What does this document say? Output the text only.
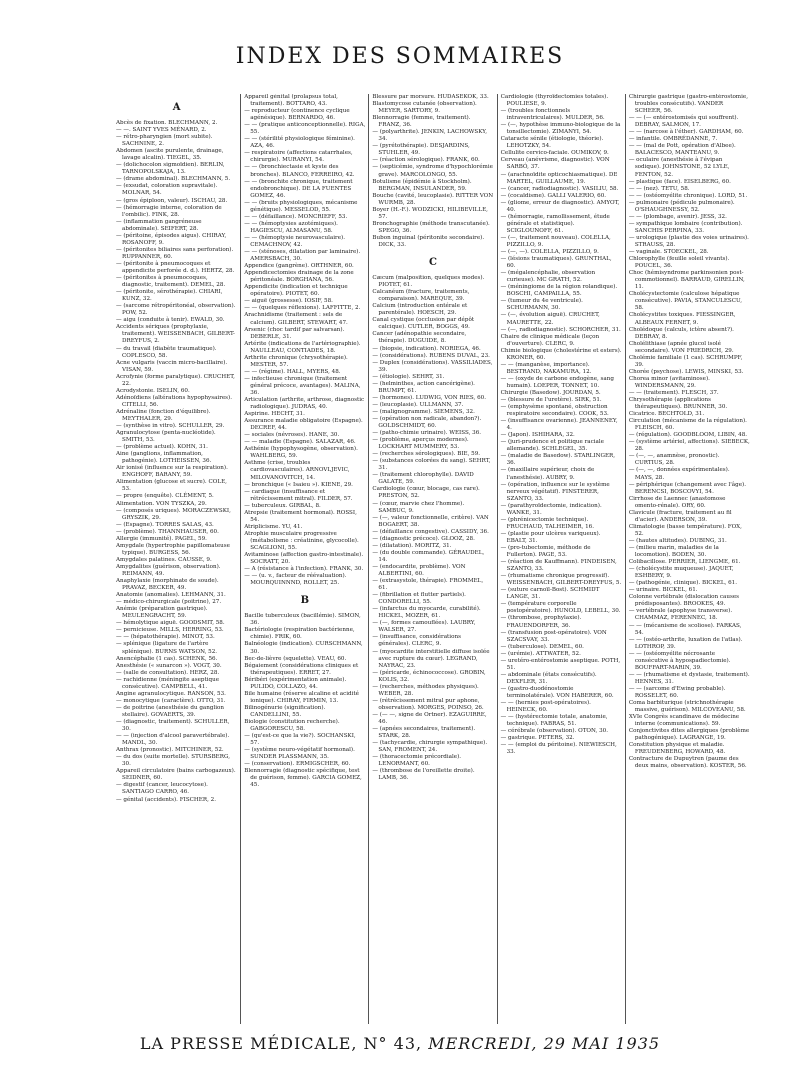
INDEX DES SOMMAIRES
A
Abcès de fixation. BLECHMANN, 2.
— —. SAINT YVES MÉNARD, 2.
— rétro-pharyngien (mort subite). SACHNINE, 2.
Abdomen (ascite purulente, drainage, lavage alcalin). TIEGEL, 35.
— (dolichocolon sigmoïdien). BERLIN, TARNOPOLSKAJA, 13.
— (drame abdominal). BLECHMANN, 5.
— (exsudat, coloration supravitale). MOLNAR, 54.
— (gros épiploon, valeur). ISCHAU, 28.
— (hémorragie interne, coloration de l'ombilic). FINK, 28.
— (inflammation gangréneuse abdominale). SEIFERT, 28.
— (péritoine, épisodes aigus). CHIRAY, ROSANOFF, 9.
— (péritonites biliaires sans perforation). RUPPANNER, 60.
— (péritonite à pneumocoques et appendicite perforée d. d.). HERTZ, 28.
— (péritonites à pneumocoques, diagnostic, traitement). DEMEL, 28.
— (péritonite, sérothérapie). CHIARI, KUNZ, 32.
— (sarcome rétropéritonéal, observation). POW, 52.
— aigu (conduite à tenir). EWALD, 30.
Accidents sériques (prophylaxie, traitement). WEISSENBACH, GILBERT-DREYFUS, 2.
— du travail (diabète traumatique). COPLESCO, 58.
Acne vulgaris (vaccin micro-bacillaire). VISAN, 59.
Acrofynie (forme paralytique). CRUCHET, 22.
Acrodystonie. ISELIN, 60.
Adénoïdiens (altérations hypophysaires). CITELLI, 56.
Adrénaline (fonction d'équilibre). MEYTHALER, 29.
— (synthèse in vitro). SCHULLER, 29.
Agranulocytose (penta-nucléotide). SMITH, 53.
— (problème actuel). KOHN, 31.
Aine (ganglions, inflammation, pathogénie). LOTHEISSEN, 36.
Air ionisé (influence sur la respiration). ENGHOFF, BARANY, 59.
Alimentation (glucose et sucre). COLE, 53.
— propre (enquête). CLÉMENT, 5.
Alimentation. VON TYSZKA, 29.
— (composés uriques). MORACZEWSKI, GRYSZIK, 29.
— (Espagne). TORRES SALAS, 43.
— (problème). THANNHAUSER, 60.
Allergie (immunité). PAGEL, 59.
Amygdale (hypertrophie papillomateuse typique). BURGESS, 56.
Amygdales palatines. CAUSSE, 9.
Amygdalites (guérison, observation). REIMANN, 49.
Anaphylaxie (morphinate de soude). PRAVAZ, BECKER, 49.
Anatomie (anomalies). LEHMANN, 31.
— médico-chirurgicale (poitrine), 27.
Anémie (préparation gastrique). MEULENGRACHT, 59.
— hémolytique aiguë. GOODSMIT, 58.
— pernicieuse. MILLS, HERRING, 53.
— — (hépatothérapie). MINOT, 53.
— splénique (ligature de l'artère splénique). BURNS WATSON, 52.
Anencéphalie (1 cas). SCHENK, 56.
Anesthésie (« sunarcon »). VOGT, 30.
— (salle de consultation). HERZ, 28.
— rachidienne (méningite aseptique consécutive). CAMPBELL, 41.
Angine agranulocytique. RANSON, 53.
— monocytique (caractère). OTTO, 31.
— de poitrine (anesthésie du ganglion stellaire). GOVAERTS, 39.
— (diagnostic, traitement). SCHULLER, 30.
— — (injection d'alcool paravertébrale). MANDL, 30.
Anthrax (pronostic). MITCHINER, 52.
— du dos (suite mortelle). STURSBERG, 30.
Appareil circulatoire (bains carbogazeux). SEIDNER, 60.
— digestif (cancer, leucocytose). SANTIAGO CARRO, 46.
— génital (accidents). FISCHER, 2.
Appareil génital (prolapsus total, traitement). BOTTARO, 43.
— reproducteur (continence cyclique agénésique). BERNARDO, 46.
— — (pratique anticonceptionnelle). RIGA, 55.
— — (stérilité physiologique féminine). AZA, 46.
— respiratoire (affections catarrhales, chirurgie). MURANYI, 54.
— — (bronchiectasie et kyste des bronches). BLANCO, FERREIRO, 42.
— — (bronchite chronique, traitement endobronchique). DE LA FUENTES GOMEZ, 46.
— — (bruits physiologiques, mécanisme génétique). MESSELOD, 55.
— — (défaillance). MONCRIEFF, 53.
— — (hémoptysies azotémiques). HAGIESCU, ALMASANU, 58.
— — (hémoptysie neurovasculaire). CEMACHNOV, 42.
— — (sténoses, dilatation par laminaire). AMERSBACH, 30.
Appendice (gangrène). ORTHNER, 60.
Appendicectomies drainage de la zone péritonéale. BORGHANA, 56.
Appendicite (indication et technique opératoire). PIOTET, 60.
— aiguë (grossesse). IOSIF, 58.
— — (quelques réflexions). LAFFITTE, 2.
Arachnidisme (traitement : sels de calcium). GILBERT, STEWART, 47.
Arsenic (choc tardif par salvarsan). DEBERLE, 31.
Artérite (indications de l'artériographie). NAULLEAU, CONTIADES, 18.
Arthrite chronique (chrysothérapie). MESTER, 57.
— — (régime). HALL, MYERS, 48.
— infectieuse chronique (traitement général précoce, avantages). MALINA, 36.
Articulation (arthrite, arthrose, diagnostic radiologique). JUDRAS, 40.
Aspirine. HECHT, 31.
Assurance maladie obligatoire (Espagne). DECREF, 44.
— sociales (névroses). HANE, 30.
— — maladie (Espagne). SALAZAR, 46.
Asthénie (hypophysogène, observation). WAHLBERG, 59.
Asthme (crise, troubles cardiovasculaires). ARNOVLJEVIC, MILOVANOVITCH, 14.
— bronchique (« Isaieu »). KIENE, 29.
— cardiaque (insuffisance et rétrécissement mitral). FILDER, 57.
— tuberculeux. GIRBAL, 8.
Atrepsie (traitement hormonal). ROSSI, 54.
Atriplicisme. YU, 41.
Atrophie musculaire progressive (métabolisme : créatinine, glycocolle). SCAGLIONI, 55.
Avitaminose (affection gastro-intestinale). SOCRATT, 20.
— A (résistance à l'infection). FRANK, 30.
— — (u. v., facteur de réévaluation). MOURQUINNND, ROLLET, 25.
B
Bacille tuberculeux (bacillémie). SIMON, 36.
Bactériologie (respiration bactérienne, chimie). FRIK, 60.
Balnéologie (indication). CURSCHMANN, 30.
Bec-de-lièvre (squelette). VEAU, 60.
Bégaiement (considérations cliniques et thérapeutiques). ERRET, 27.
Béribéri (expérimentation animale). PULIDO, COLLAZO, 44.
Bile humaine (réserve alcaline et acidité ionique). CHIRAY, FIRMIN, 13.
Bilinogénurie (signification). CANDELLINI, 55.
Biologie (constitution recherche). GABGORESCU, 58.
— (qu'est-ce que la vie?). SOCHANSKI, 57.
— (système neuro-végétatif hormonal). SUNDER PLASSMANN, 35.
— (conservation). ERMIGSCHER, 60.
Blennorragie (diagnostic spécifique, test de guérison, femme). GARCIA GOMEZ, 45.
Blessure par morsure. HUDASEKOK, 33.
Blastomycose cutanée (observation). MEYER, SARTORY, 9.
Blennorragie (femme, traitement). FRANZ, 36.
— (polyarthrite). JENKIN, LACHOWSKY, 34.
— (pyrétothérapie). DESJARDINS, STUHLER, 49.
— (réaction sérologique). FRANK, 60.
— (septicémie, syndrome d'hypochlorémie grave). MARCOLONGO, 55.
Botulisme (épidémie à Stockholm). BERGMAN, INSULANDER, 59.
Bouche (cavité, leucoplasie). RITTER VON WURMB, 28.
Boyer (H.-F.). WODZICKI, HILIBEVILLE, 57.
Bronchographie (méthode transcutanée). SPEGO, 36.
Bubon inguinal (péritonite secondaire). DICK, 33.
C
Cæcum (malposition, quelques modes). PIOTET, 61.
Calcanéum (fracture, traitements, comparaison). MAREQUE, 39.
Calcium (introduction entérale et parentérale). HOESCH, 29.
Canal cystique (occlusion par dépôt calcique). CUTLER, BOGGS, 49.
Cancer (adénopathie secondaire, thérapie). DUGUIDE, 8.
— (biopsie, indication). NORIEGA, 46.
— (considérations). RUBENS DUVAL, 23.
— Duplex (considérations). VASSILIADES, 39.
— (étiologie). SEHRT, 31.
— (helminthes, action cancérigène). BRUMPT, 61.
— (hormones). LUDWIG, VON RIES, 60.
— (leucoplasie). ULLMANN, 37.
— (malignogramme). SIEMENS, 32.
— (opération non radicale, abandon?). GOLDSCHMIDT, 60.
— (patho-chimie urinaire). WEISS, 36.
— (problème, aperçus modernes). LOCKHART MUMMERY, 53.
— (recherches sérologiques). BIE, 59.
— (substances colorées du sang). SEHRT, 31.
— (traitement chlorophylle). DAVID GALATE, 59.
Cardiologie (cœur, blocage, cas rare). PRESTON, 52.
— (cœur, marvie chez l'homme). SAMBUC, 9.
— (—, valeur fonctionnelle, critère). VAN BOGAERT, 38.
— (défaillance congestive). CASSIDY, 36.
— (diagnostic précoce). GLOOZ, 28.
— (dilatation). MORITZ, 31.
— (du double commande). GÉRAUDEL, 14.
— (endocardite, problème). VON ALBERTINI, 60.
— (extrasystole, thérapie). FROMMEL, 61.
— (fibrillation et flutter partiels). CONDORELLI, 55.
— (infarctus du myocarde, curabilité). HICKEL, MOZER, 61.
— (—, formes camouflées). LAUBRY, WALSER, 27.
— (insuffisance, considérations générales). CLERC, 9.
— (myocardite interstitielle diffuse isolée avec rupture du cœur). LEGRAND, NAYRAC, 23.
— (péricarde, échinococcose). GROBIN, KOLIS, 32.
— (recherches, méthodes physiques). WEBER, 28.
— (rétrécissement mitral pur aphone, observation). MORGES, POINSO, 26.
— (— —, signe de Ortner). EZAGUIRRE, 46.
— (apnées secondaires, traitement). STARK, 28.
— (tachycardie, chirurgie sympathique). SAN, FROMENT, 24.
— (thoracectomie précordiale). LENORMANT, 60.
— (thrombose de l'oreillette droite). LAMB, 36.
Cardiologie (thyroïdectomies totales). POULIESE, 9.
— (troubles fonctionnels intraventriculaires). MULDER, 56.
— (—, hypothèse immuno-biologique de la tonsillectomie). ZIMANYI, 54.
Cataracte sénile (étiologie, théorie). LEHOTZKY, 54.
Cellulite cervico-faciale. OUMIKOV, 9.
Cerveau (anévrisme, diagnostic). VON SARBÓ, 37.
— (arachnoïdite opticochiasmatique). DE MARTEL, GUILLAUME, 19.
— (cancer, radiodiagnostic). VASILIU, 58.
— (cocaïdisme). GALLI VALERIO, 60.
— (gliome, erreur de diagnostic). AMYOT, 40.
— (hémorragie, ramollissement, étude générale et statistique). SCIGLOUNOFF, 61.
— (—, traitement nouveau). COLELLA, PIZZILLO, 9.
— (—, —). COLELLA, PIZZILLO, 9.
— (lésions traumatiques). GRUNTHAL, 60.
— (mégalencéphalie, observation curieuse). MC GRATH, 52.
— (méningiome de la région rolandique). BOSCHI, CAMPAILLA, 55.
— (tumeur du 4e ventricule). SCHURMANN, 30.
— (—, évolution aiguë). CRUCHET, MAURETTE, 22.
— (—, radiodiagnostic). SCHORCHER, 31.
Chaire de clinique médicale (leçon d'ouverture). CLERC, 9.
Chimie biologique (cholestérine et esters). KRONER, 60.
— — (manganèse, importance). BESTRAND, NAKAMURA, 12.
— — (oxyde de carbone endogène, sang humain). LOEPER, TONNET, 10.
Chirurgie (Basedow). JOURDAN, 5.
— (blessure de l'uretère). SIRK, 51.
— (emphysème spontané, obstruction respiratoire secondaire). COOK, 53.
— (insuffisance ovarienne). JEANNENEY, 4.
— (Japon). ISHIHARA, 32.
— (juri-prudence et politique raciale allemande). SCHLEGEL, 35.
— (maladie de Basedow). STARLINGER, 36.
— (maxillaire supérieur, choix de l'anesthésie). AUBRY, 9.
— (opération, influence sur le système nerveux végétatif). FINSTERER, SZANTO, 33.
— (parathyroïdectomie, indication). WANKE, 31.
— (phrénicectomie technique). FRUCHAUD, TALHEIMER, 16.
— (plastie pour ulcères variqueux). EBALT, 31.
— (pro-tubectomie, méthode de Fullerton). PAGE, 53.
— (réaction de Kauffmann). FINDEISEN, SZANTO, 33.
— (rhumatisme chronique progressif). WEISSENBACH, GILBERT-DREYFUS, 5.
— (suture carnoïl-Bost). SCHMIDT LANGE, 31.
— (température corporelle postopératoire). HUNOLD, LEBELL, 30.
— (thrombose, prophylaxie). FRAUENDORFER, 36.
— (transfusion post-opératoire). VON SZACSVAY, 33.
— (tuberculose). DEMEL, 60.
— (urémie). ATTWATER, 52.
— uretéro-entérostomie aseptique. POTH, 51.
— abdominale (états consécutifs). DEXFLER, 31.
— (gastro-duodénostomie terminolatérale). VON HABERER, 60.
— — (hernies post-opératoires). HEINECK, 60.
— — (hystérectomie totale, anatomie, technique). FABRAS, 51.
— cérébrale (observation). OTON, 30.
— gastrique. PETERS, 32.
— — (emploi du péritoine). NIEWIESCH, 33.
Chirurgie gastrique (gastro-entérostomie, troubles consécutifs). VANDER SCHEER, 56.
— — (— entérostomisés qui souffrent). DEBRAY, SALMON, 17.
— — (narcose à l'éther). GARDHAM, 60.
— infantile. OMBRÉDANNE, 7.
— — (mal de Pott, opération d'Albee). BALACESCO, MANTEANU, 9.
— oculaire (anesthésie à l'évipan sodique). JOHNSTONE, 52 LYLE, FENTON, 52.
— plastique (face). EISELBERG, 60.
— — (nez). TETU, 58.
— — (ostéomyélite chronique). LORD, 51.
— pulmonaire (pédicule pulmonaire). O'SHAUGHNESSY, 52.
— — (plombage, avenir). JESS, 32.
— sympathique lombaire (contribution). SANCHIS PERPINA, 33.
— urologique (plastie des voies urinaires). STRAUSS, 28.
— vaginale. STOECKEL, 28.
Chlorophylle (feuille soleil vivants). POUCEL, 36.
Choc (hémisyndrome parkinsonien post-commotionnel). BARRAUD, GIRELLIN, 11.
Cholécystectomie (calculose hépatique consécutive). PAVIA, STANCULESCU, 58.
Cholécystites toxiques. FIESSINGER, ALBEAUX FERNET, 9.
Cholédoque (calculs, ictère absent?). DEBRAY, 8.
Cholélithiase (apnée glucol isolé secondaire). VON FRIEDRICH, 29.
Cholémie familiale (1 cas). SCHRUMPF, 39.
Chorée (psychose). LEWIS, MINSKI, 53.
Chorea minor (avitaminose). WINDERSMANN, 29.
— — (traitement). FLESCH, 37.
Chrysothérapie (applications thérapeutiques). BRUNNER, 30.
Cicatrice. BECHTOLD, 31.
Circulation (mécanisme de la régulation). FLEISCH, 60.
— (régulation). GOODBLOOM, LIBIN, 48.
— (système artériel, affections). SIEBECK, 28.
— (—, —, anamnèse, pronostic). CURTIUS, 28.
— (—, —, données expérimentales). MAYS, 28.
— périphérique (changement avec l'âge). BERENCSI, BOSCOVYI, 54.
Cirrhose de Laennec (anastomose omento-rénale). ORY, 60.
Clavicule (fracture, traitement au fil d'acier). ANDERSON, 39.
Climatologie (basse température). FOX, 52.
— (hautes altitudes). DUBING, 31.
— (milieu marin, maladies de la locomotion). BODEN, 30.
Colibacillose. PERRIER, LIENGME, 61.
— (cholécystite muqueuse). JAQUET, ESHBERY, 9.
— (pathogénie, clinique). BICKEL, 61.
— urinaire. BICKEL, 61.
Colonne vertébrale (dislocation causes prédisposantes). BROOKES, 49.
— vertébrale (apophyse transverse). CHAMMAZ, FERENNEC, 18.
— — (mécanisme de scoliose). FARKAS, 54.
— — (ostéo-arthrite, luxation de l'atlas). LOTHROP, 39.
— — (ostéomyélite nécrosante consécutive à hypospadiectomie). BOUFFART-MARIN, 39.
— — (rhumatisme et dystasie, traitement). HENNES, 31.
— — (sarcome d'Ewing probable). ROSSELET, 60.
Coma barbiturique (strichnothérapie massive, guérison). MILCOVEANU, 58.
XVIe Congrès scandinave de médecine interne (communications). 59.
Conjonctivites dites allergiques (problème pathogénique). LAGRANGE, 19.
Constitution physique et maladie. FREUDENBERG, HOWARD, 48.
Contracture de Dupuytren (paume des deux mains, observation). KOSTER, 56.
LA PRESSE MÉDICALE, N° 43, MERCREDI, 29 MAI 1935
